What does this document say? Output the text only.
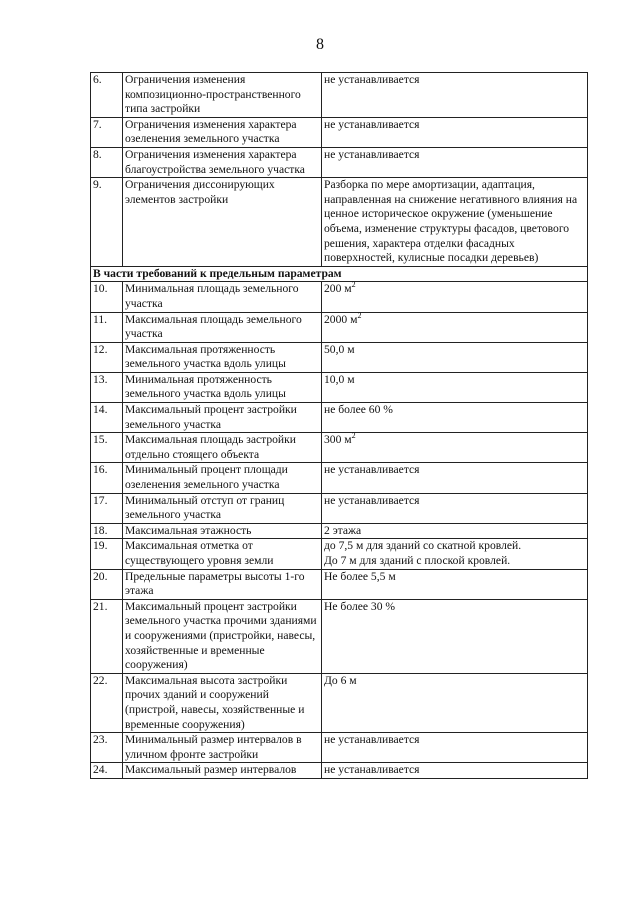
8
6.	Ограничения изменения композиционно-пространственного типа застройки	не устанавливается
7.	Ограничения изменения характера озеленения земельного участка	не устанавливается
8.	Ограничения изменения характера благоустройства земельного участка	не устанавливается
9.	Ограничения диссонирующих элементов застройки	Разборка по мере амортизации, адаптация, направленная на снижение негативного влияния на ценное историческое окружение (уменьшение объема, изменение структуры фасадов, цветового решения, характера отделки фасадных поверхностей, кулисные посадки деревьев)
В части требований к предельным параметрам		
10.	Минимальная площадь земельного участка	200 $м^2$
11.	Максимальная площадь земельного участка	2000 $м^2$
12.	Максимальная протяженность земельного участка вдоль улицы	50,0 м
13.	Минимальная протяженность земельного участка вдоль улицы	10,0 м
14.	Максимальный процент застройки земельного участка	не более 60 %
15.	Максимальная площадь застройки отдельно стоящего объекта	300 $м^2$
16.	Минимальный процент площади озеленения земельного участка	не устанавливается
17.	Минимальный отступ от границ земельного участка	не устанавливается
18.	Максимальная этажность	2 этажа
19.	Максимальная отметка от существующего уровня земли	до 7,5 м для зданий со скатной кровлей.
До 7 м для зданий с плоской кровлей.

20.	Предельные параметры высоты 1-го этажа	Не более 5,5 м
21.	Максимальный процент застройки земельного участка прочими зданиями и сооружениями (пристройки, навесы, хозяйственные и временные сооружения)	Не более 30 %
22.	Максимальная высота застройки прочих зданий и сооружений (пристрой, навесы, хозяйственные и временные сооружения)	До 6 м
23.	Минимальный размер интервалов в уличном фронте застройки	не устанавливается
24.	Максимальный размер интервалов	не устанавливается
